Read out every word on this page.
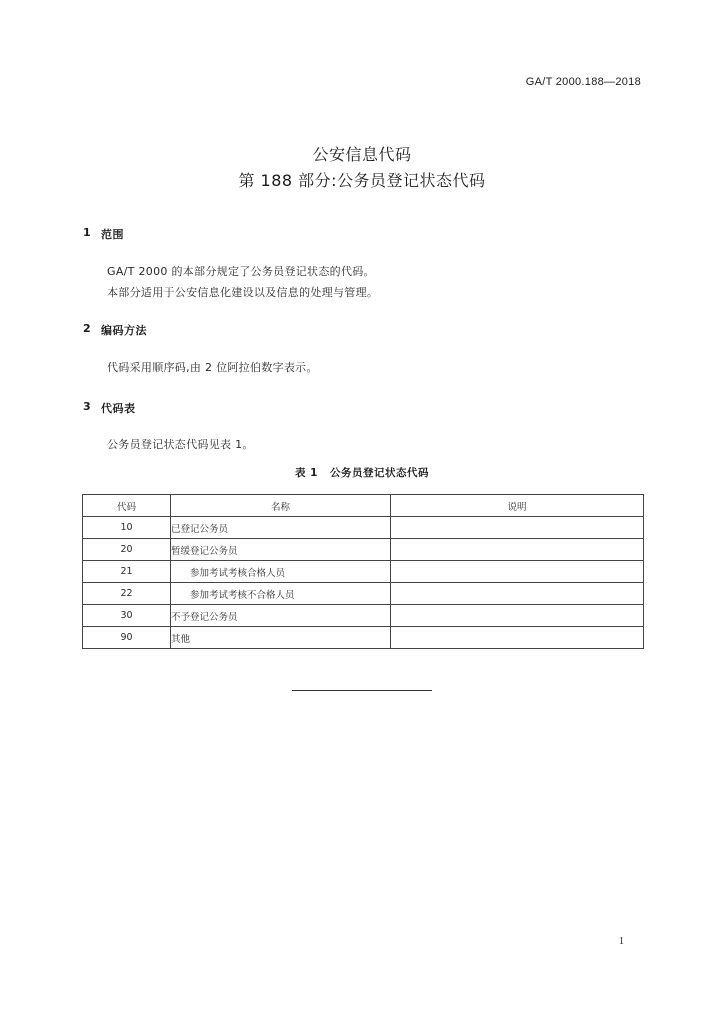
GA/T 2000.188—2018
公安信息代码
第 188 部分:公务员登记状态代码
1 范围
GA/T 2000 的本部分规定了公务员登记状态的代码。
本部分适用于公安信息化建设以及信息的处理与管理。
2 编码方法
代码采用顺序码,由 2 位阿拉伯数字表示。
3 代码表
公务员登记状态代码见表 1。
表 1 公务员登记状态代码
代码	名称	说明
10	已登记公务员	
20	暂缓登记公务员	
21	参加考试考核合格人员	
22	参加考试考核不合格人员	
30	不予登记公务员	
90	其他	
1
